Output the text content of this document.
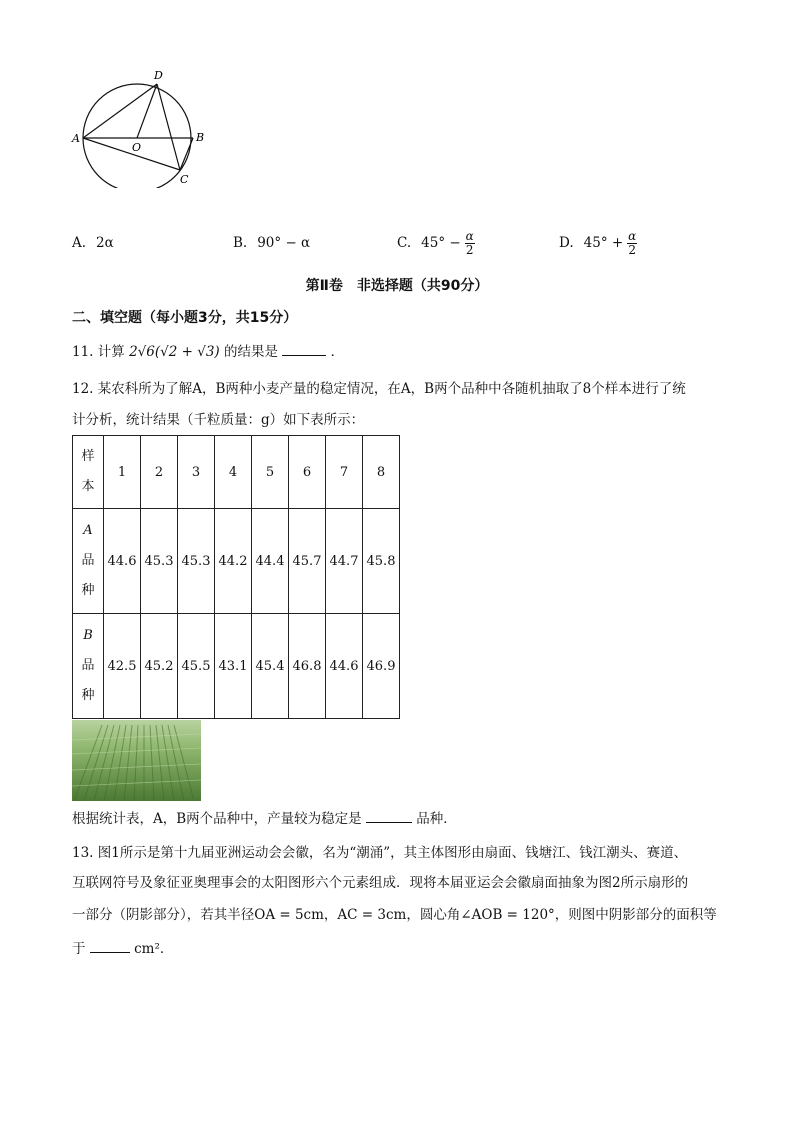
D
A	B
O
C
A. 2α	B. 90° − α	C. $45^\circ - \frac{\alpha}{2}$	D. $45^\circ + \frac{\alpha}{2}$
第Ⅱ卷　非选择题（共90分）
二、填空题（每小题3分，共15分）
11. 计算 2√6(√2 + √3) 的结果是	．
12. 某农科所为了解A，B两种小麦产量的稳定情况，在A，B两个品种中各随机抽取了8个样本进行了统
计分析，统计结果（千粒质量：g）如下表所示：
样
本	1	2	3	4	5	6	7	8

A
品
种	44.6	45.3	45.3	44.2	44.4	45.7	44.7	45.8

B
品
种	42.5	45.2	45.5	43.1	45.4	46.8	44.6	46.9
根据统计表，A，B两个品种中，产量较为稳定是	品种．
13. 图1所示是第十九届亚洲运动会会徽，名为“潮涌”，其主体图形由扇面、钱塘江、钱江潮头、赛道、
互联网符号及象征亚奥理事会的太阳图形六个元素组成．现将本届亚运会会徽扇面抽象为图2所示扇形的
一部分（阴影部分），若其半径OA = 5cm，AC = 3cm，圆心角∠AOB = 120°，则图中阴影部分的面积等
于	cm²．
